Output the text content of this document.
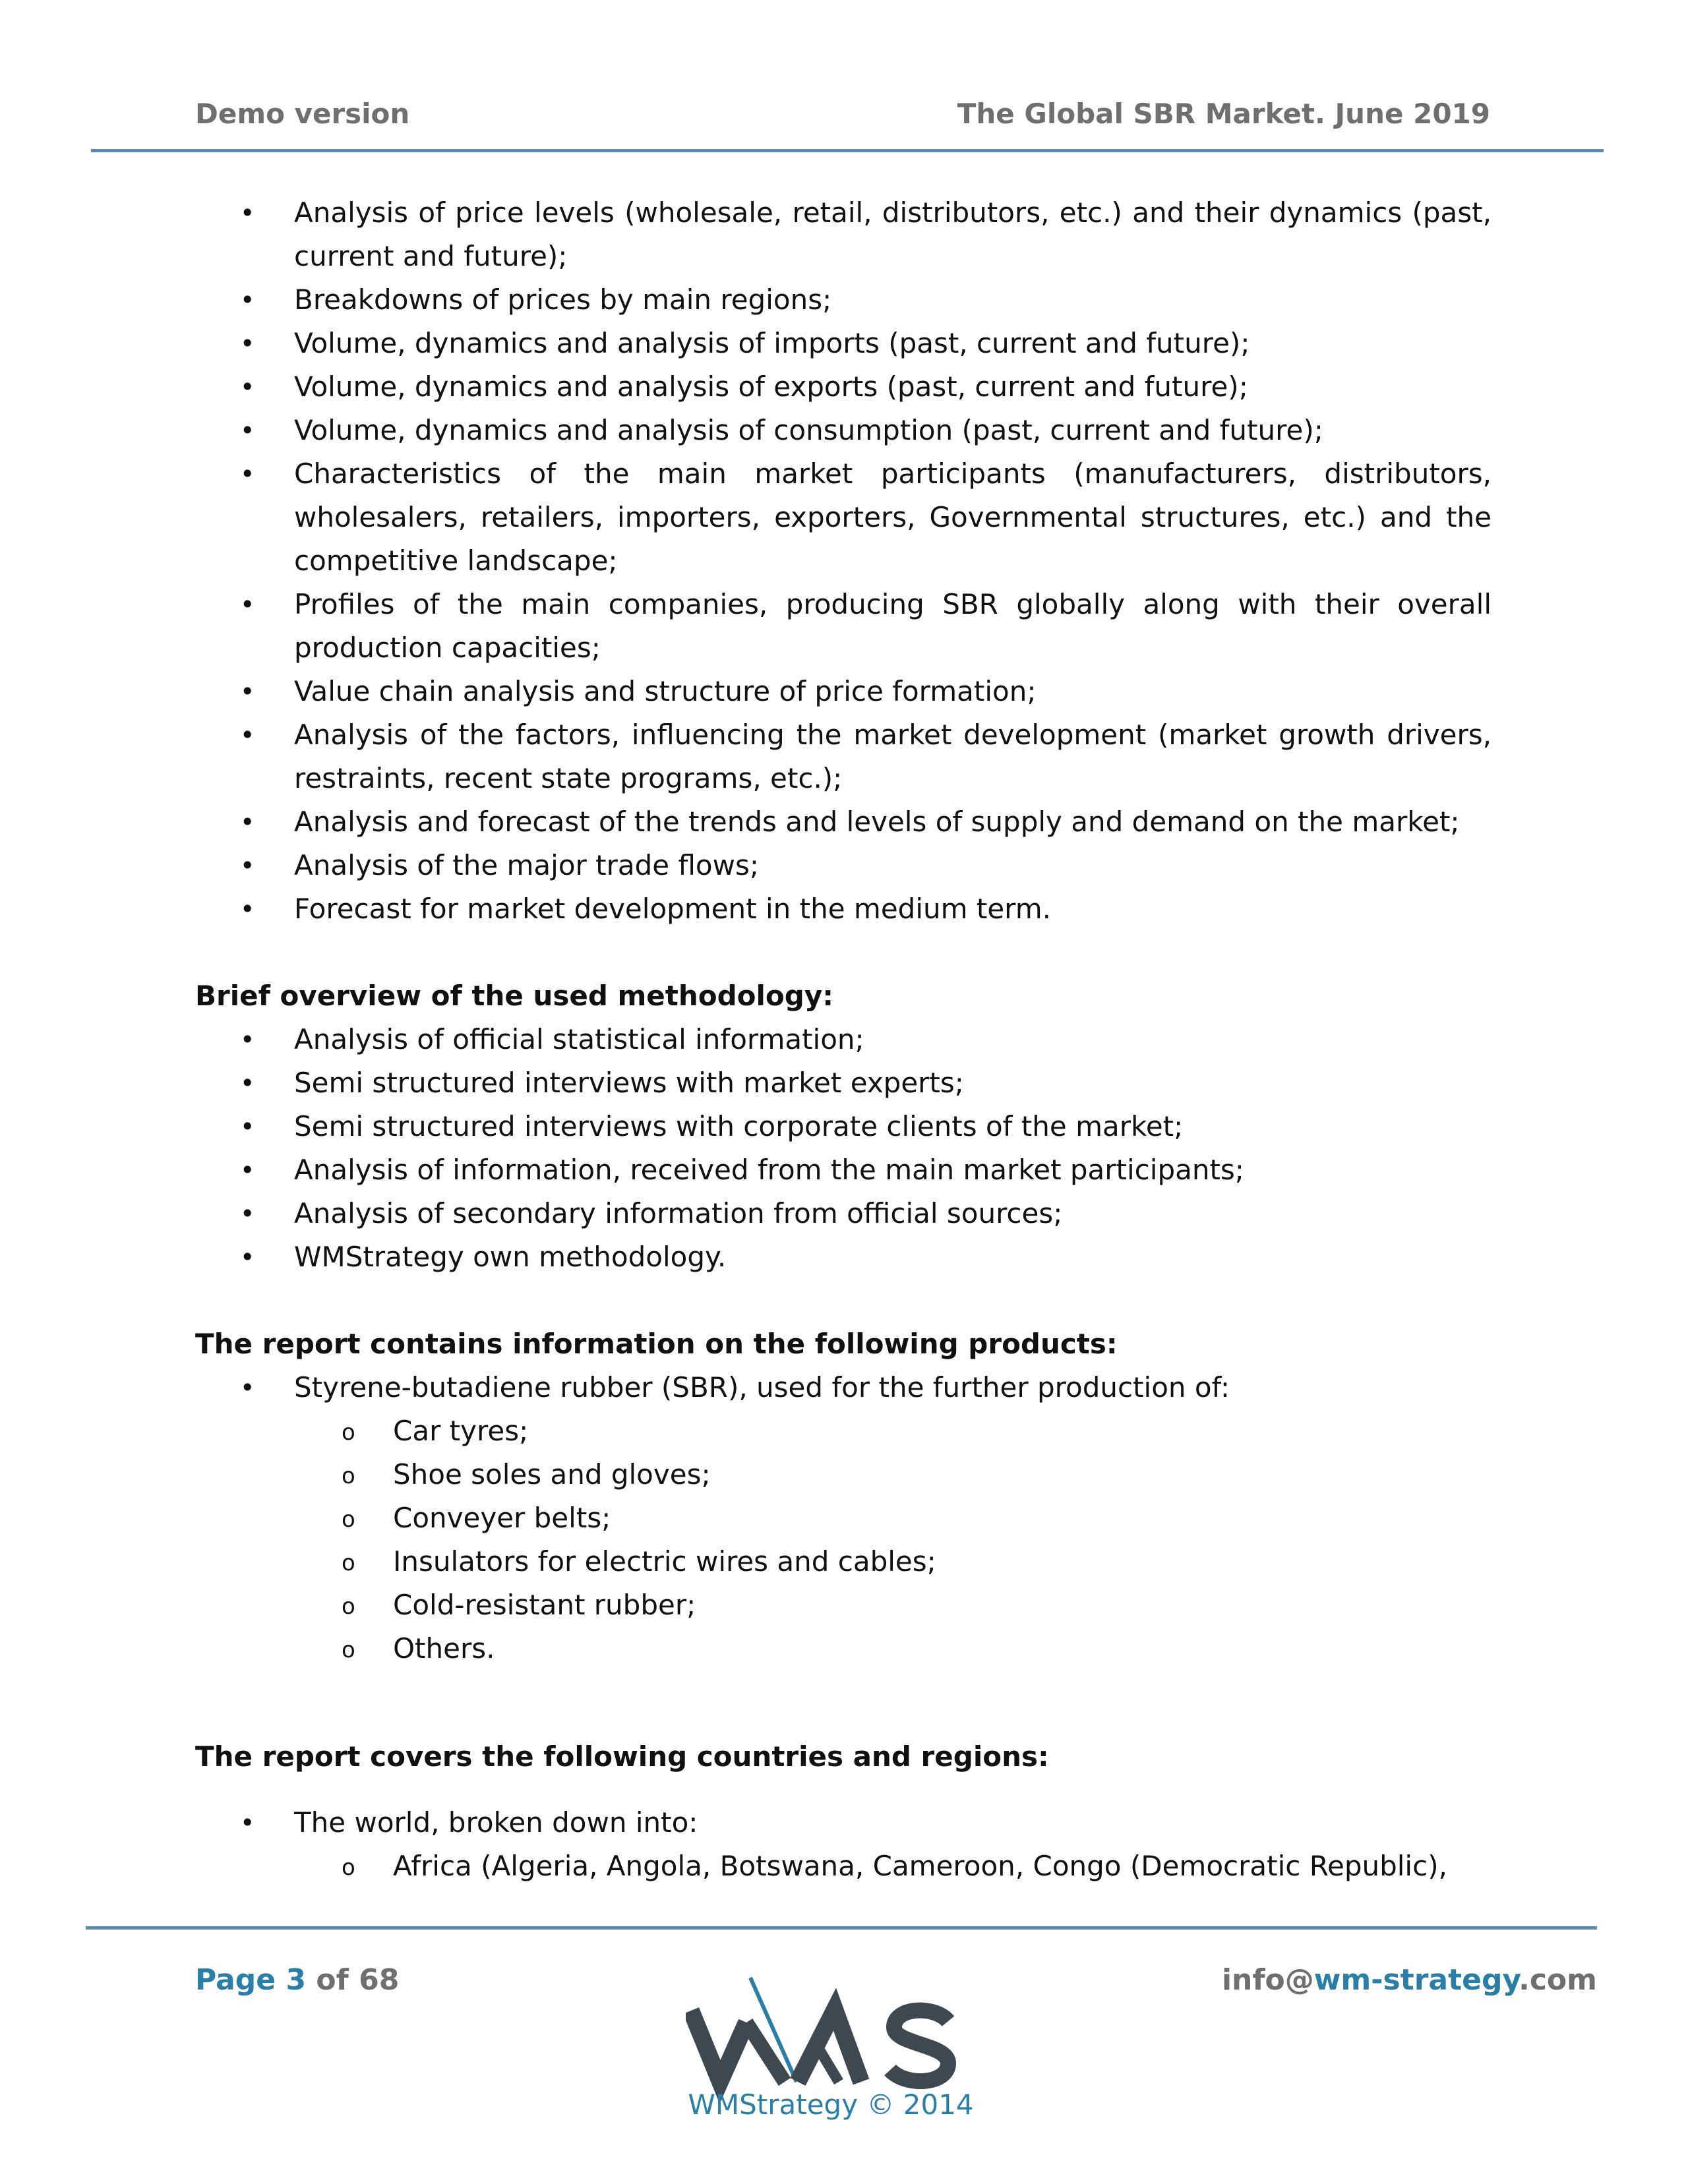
Demo version	The Global SBR Market. June 2019
• Analysis of price levels (wholesale, retail, distributors, etc.) and their dynamics (past, current and future);
• Breakdowns of prices by main regions;
• Volume, dynamics and analysis of imports (past, current and future);
• Volume, dynamics and analysis of exports (past, current and future);
• Volume, dynamics and analysis of consumption (past, current and future);
• Characteristics of the main market participants (manufacturers, distributors, wholesalers, retailers, importers, exporters, Governmental structures, etc.) and the competitive landscape;
• Profiles of the main companies, producing SBR globally along with their overall production capacities;
• Value chain analysis and structure of price formation;
• Analysis of the factors, influencing the market development (market growth drivers, restraints, recent state programs, etc.);
• Analysis and forecast of the trends and levels of supply and demand on the market;
• Analysis of the major trade flows;
• Forecast for market development in the medium term.

Brief overview of the used methodology:

• Analysis of official statistical information;
• Semi structured interviews with market experts;
• Semi structured interviews with corporate clients of the market;
• Analysis of information, received from the main market participants;
• Analysis of secondary information from official sources;
• WMStrategy own methodology.

The report contains information on the following products:

• Styrene-butadiene rubber (SBR), used for the further production of:
o Car tyres;
o Shoe soles and gloves;
o Conveyer belts;
o Insulators for electric wires and cables;
o Cold-resistant rubber;
o Others.

The report covers the following countries and regions:

• The world, broken down into:
o Africa (Algeria, Angola, Botswana, Cameroon, Congo (Democratic Republic),
Page 3 of 68	info@wm-strategy.com
WMStrategy © 2014
